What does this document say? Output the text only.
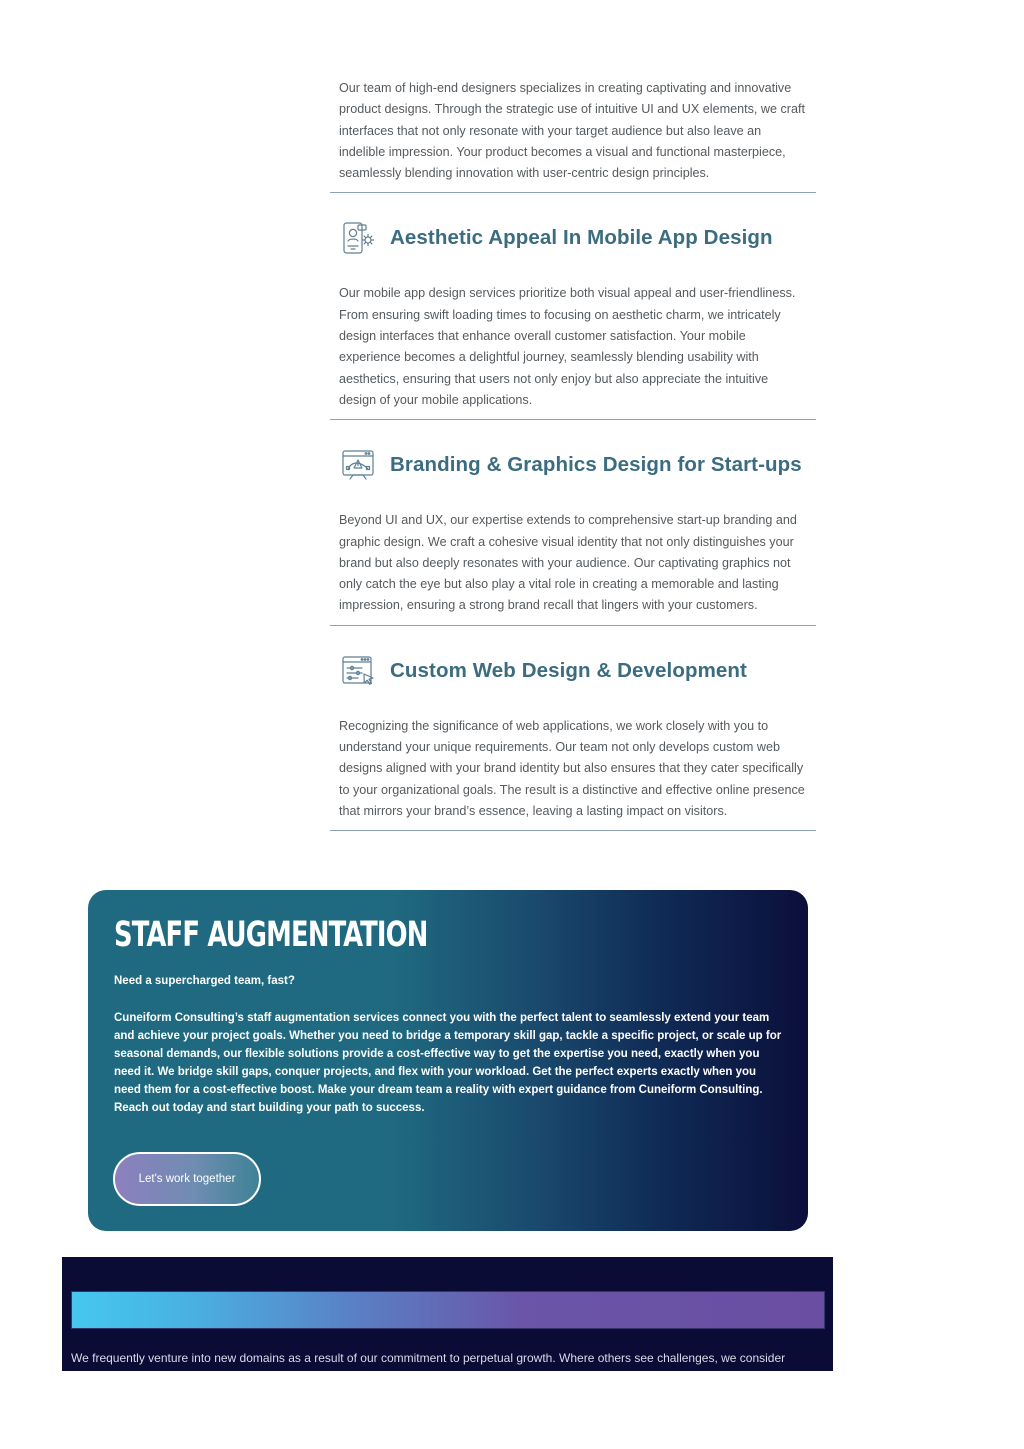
Our team of high-end designers specializes in creating captivating and innovative product designs. Through the strategic use of intuitive UI and UX elements, we craft interfaces that not only resonate with your target audience but also leave an indelible impression. Your product becomes a visual and functional masterpiece, seamlessly blending innovation with user-centric design principles.

Aesthetic Appeal In Mobile App Design

Our mobile app design services prioritize both visual appeal and user-friendliness. From ensuring swift loading times to focusing on aesthetic charm, we intricately design interfaces that enhance overall customer satisfaction. Your mobile experience becomes a delightful journey, seamlessly blending usability with aesthetics, ensuring that users not only enjoy but also appreciate the intuitive design of your mobile applications.

Branding & Graphics Design for Start-ups

Beyond UI and UX, our expertise extends to comprehensive start-up branding and graphic design. We craft a cohesive visual identity that not only distinguishes your brand but also deeply resonates with your audience. Our captivating graphics not only catch the eye but also play a vital role in creating a memorable and lasting impression, ensuring a strong brand recall that lingers with your customers.

Custom Web Design & Development

Recognizing the significance of web applications, we work closely with you to understand your unique requirements. Our team not only develops custom web designs aligned with your brand identity but also ensures that they cater specifically to your organizational goals. The result is a distinctive and effective online presence that mirrors your brand’s essence, leaving a lasting impact on visitors.

STAFF AUGMENTATION

Need a supercharged team, fast?

Cuneiform Consulting’s staff augmentation services connect you with the perfect talent to seamlessly extend your team and achieve your project goals. Whether you need to bridge a temporary skill gap, tackle a specific project, or scale up for seasonal demands, our flexible solutions provide a cost-effective way to get the expertise you need, exactly when you need it. We bridge skill gaps, conquer projects, and flex with your workload. Get the perfect experts exactly when you need them for a cost-effective boost. Make your dream team a reality with expert guidance from Cuneiform Consulting. Reach out today and start building your path to success.

Let's work together

We frequently venture into new domains as a result of our commitment to perpetual growth. Where others see challenges, we consider
